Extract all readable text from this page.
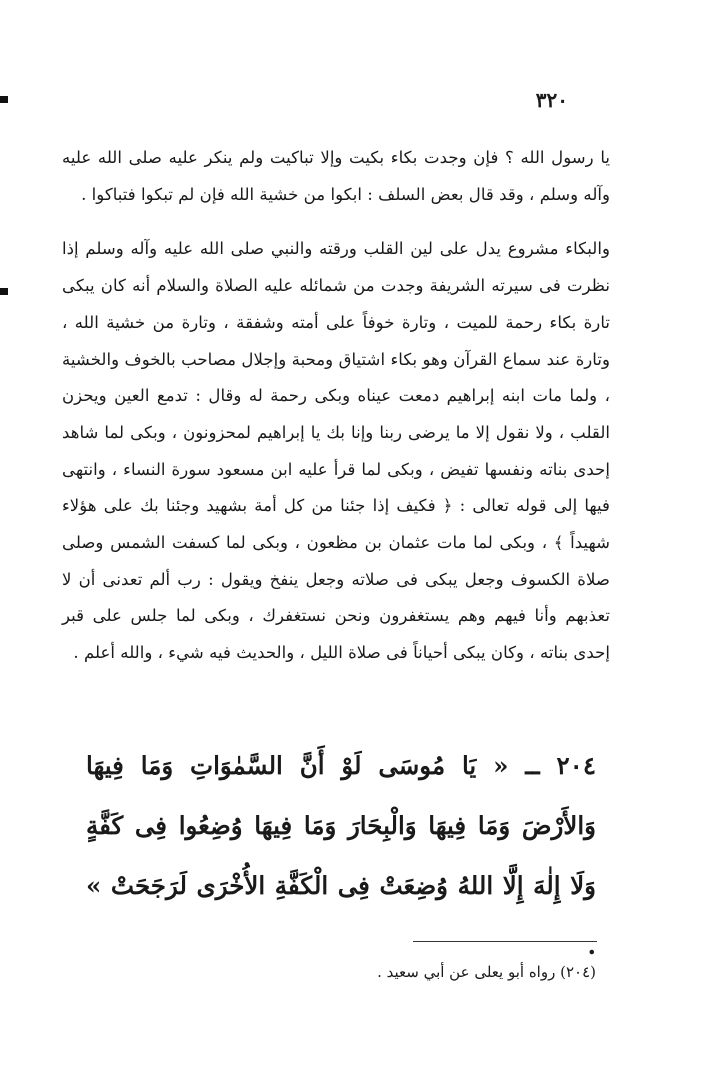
٣٢٠

يا رسول الله ؟ فإن وجدت بكاء بكيت وإلا تباكيت ولم ينكر عليه صلى الله عليه وآله وسلم ، وقد قال بعض السلف : ابكوا من خشية الله فإن لم تبكوا فتباكوا .

والبكاء مشروع يدل على لين القلب ورقته والنبي صلى الله عليه وآله وسلم إذا نظرت فى سيرته الشريفة وجدت من شمائله عليه الصلاة والسلام أنه كان يبكى تارة بكاء رحمة للميت ، وتارة خوفاً على أمته وشفقة ، وتارة من خشية الله ، وتارة عند سماع القرآن وهو بكاء اشتياق ومحبة وإجلال مصاحب بالخوف والخشية ، ولما مات ابنه إبراهيم دمعت عيناه وبكى رحمة له وقال : تدمع العين ويحزن القلب ، ولا نقول إلا ما يرضى ربنا وإنا بك يا إبراهيم لمحزونون ، وبكى لما شاهد إحدى بناته ونفسها تفيض ، وبكى لما قرأ عليه ابن مسعود سورة النساء ، وانتهى فيها إلى قوله تعالى : ﴿ فكيف إذا جئنا من كل أمة بشهيد وجئنا بك على هؤلاء شهيداً ﴾ ، وبكى لما مات عثمان بن مظعون ، وبكى لما كسفت الشمس وصلى صلاة الكسوف وجعل يبكى فى صلاته وجعل ينفخ ويقول : رب ألم تعدنى أن لا تعذبهم وأنا فيهم وهم يستغفرون ونحن نستغفرك ، وبكى لما جلس على قبر إحدى بناته ، وكان يبكى أحياناً فى صلاة الليل ، والحديث فيه شيء ، والله أعلم .

٢٠٤ ــ « يَا مُوسَى لَوْ أَنَّ السَّمٰوَاتِ وَمَا فِيهَا وَالأَرْضَ وَمَا فِيهَا وَالْبِحَارَ وَمَا فِيهَا وُضِعُوا فِى كَفَّةٍ وَلَا إِلٰهَ إِلَّا اللهُ وُضِعَتْ فِى الْكَفَّةِ الأُخْرَى لَرَجَحَتْ » .

(٢٠٤) رواه أبو يعلى عن أبي سعيد .
